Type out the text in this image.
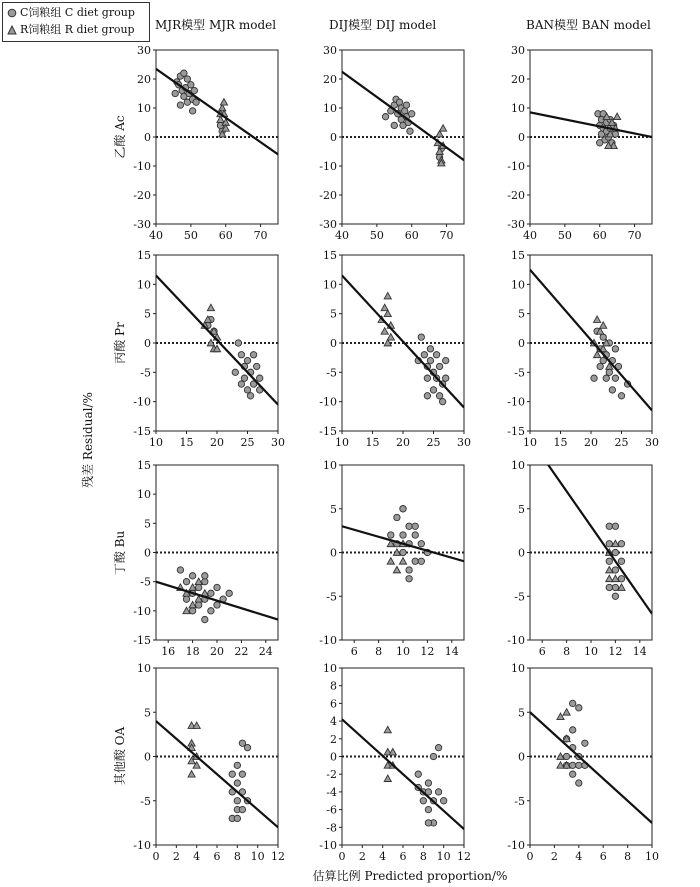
MJR模型 MJR model	DIJ模型 DIJ model	BAN模型 BAN model
乙酸 Ac
丙酸 Pr
丁酸 Bu
其他酸 OA
残差 Residual/%
估算比例 Predicted proportion/%
-30
-20
-10
0
10
20
30
40 50 60 70
-30
-20
-10
0
10
20
30
40 50 60 70
-30
-20
-10
0
10
20
30
40 50 60 70
-15
-10
-5
0
5
10
15
10 15 20 25 30
-15
-10
-5
0
5
10
15
10 15 20 25 30
-15
-10
-5
0
5
10
15
10 15 20 25 30
-15
-10
-5
0
5
10
15
16 18 20 22 24
-10
-5
0
5
10
6 8 10 12 14
-10
-5
0
5
10
6 8 10 12 14
-10
-5
0
5
10
0 2 4 6 8 10 12
-10
-8
-6
-4
-2
0
2
4
6
8
10
0 2 4 6 8 10 12
-10
-5
0
5
10
0 2 4 6 8 10
C饲粮组 C diet group
R饲粮组 R diet group
